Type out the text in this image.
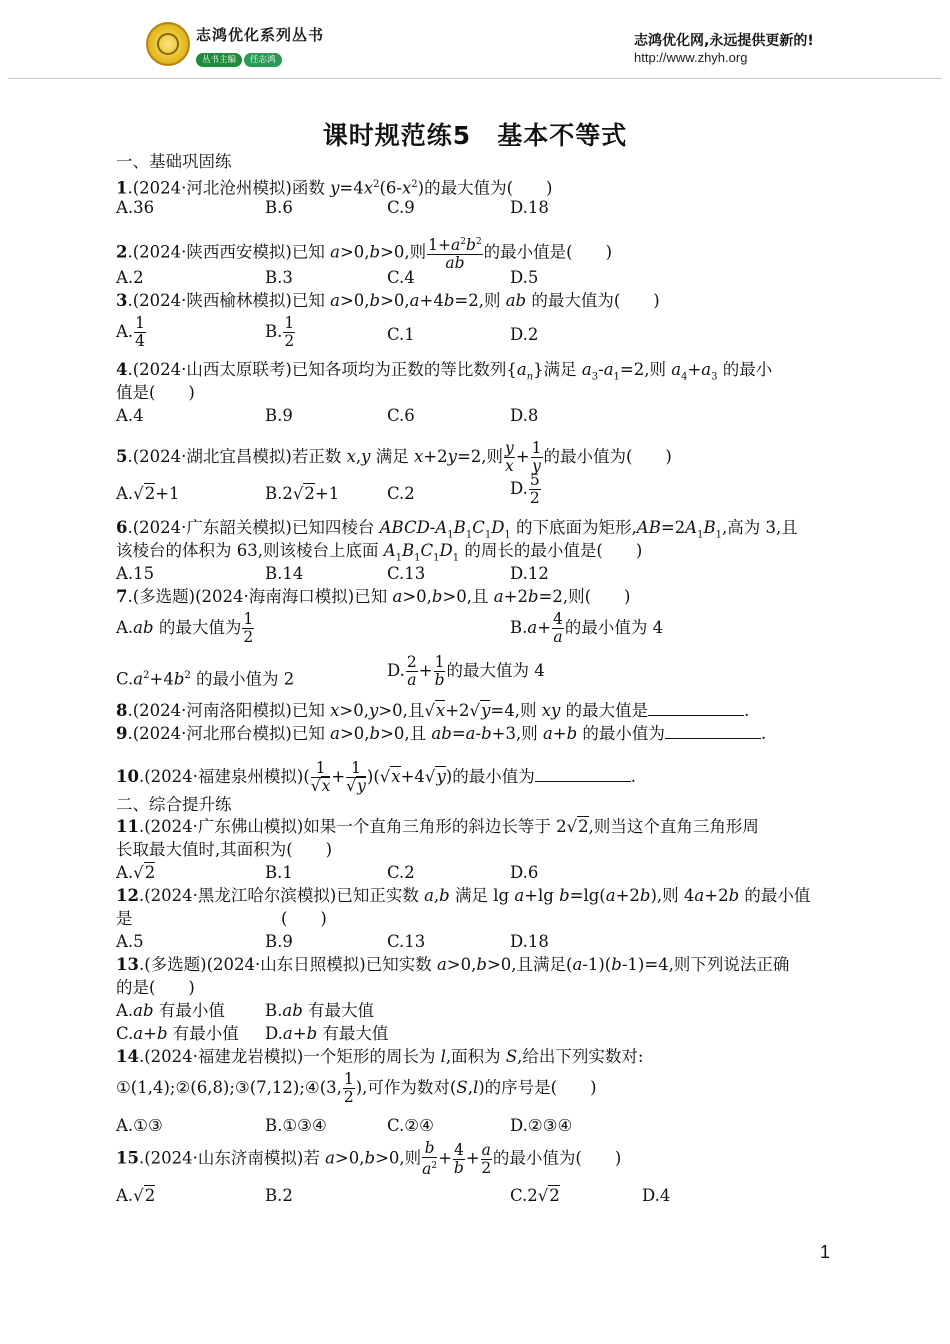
志鸿优化系列丛书
丛书主编 任志鸿
志鸿优化网,永远提供更新的!
http://www.zhyh.org
课时规范练5　基本不等式
一、基础巩固练
1.(2024·河北沧州模拟)函数 $y=4x^2(6-x^2)$的最大值为(　　)
A.36	B.6	C.9	D.18
2.(2024·陕西西安模拟)已知 a>0,b>0,则 $\frac{1+a^2b^2}{ab}$ 的最小值是(　　)
A.2	B.3	C.4	D.5
3.(2024·陕西榆林模拟)已知 a>0,b>0,a+4b=2,则 ab 的最大值为(　　)
A. $\frac{1}{4}$	B. $\frac{1}{2}$	C.1	D.2
4.(2024·山西太原联考)已知各项均为正数的等比数列$\{a_n\}$满足 $a_3-a_1=2$,则 $a_4+a_3$ 的最小
值是(　　)
A.4	B.9	C.6	D.8
5.(2024·湖北宜昌模拟)若正数 x,y 满足 x+2y=2,则 $\frac{y}{x} + \frac{1}{y}$ 的最小值为(　　)
A.√2+1	B.2√2+1	C.2	D. $\frac{5}{2}$
6.(2024·广东韶关模拟)已知四棱台 ABCD-$A_1B_1C_1D_1$ 的下底面为矩形$,AB=2A_1B_1$,高为 3,且
该棱台的体积为 63,则该棱台上底面 $A_1B_1C_1D_1$ 的周长的最小值是(　　)
A.15	B.14	C.13	D.12
7.(多选题)(2024·海南海口模拟)已知 a>0,b>0,且 a+2b=2,则(　　)
A.ab 的最大值为 $\frac{1}{2}$	$B.a+ \frac{4}{a}$ 的最小值为 4
$C.a^2+4b^2$ 的最小值为 2	D. $\frac{2}{a} + \frac{1}{b}$ 的最大值为 4
8.(2024·河南洛阳模拟)已知 x>0,y>0,且√x+2√y=4,则 xy 的最大值是	.
9.(2024·河北邢台模拟)已知 a>0,b>0,且 ab=a-b+3,则 a+b 的最小值为	.
10.(2024·福建泉州模拟)( $\frac{1}{√x} + \frac{1}{√y} )(√x+4√y)$的最小值为	.
二、综合提升练
11.(2024·广东佛山模拟)如果一个直角三角形的斜边长等于 2√2,则当这个直角三角形周
长取最大值时,其面积为(　　)
A.√2	B.1	C.2	D.6
12.(2024·黑龙江哈尔滨模拟)已知正实数 a,b 满足 lg a+lg b=lg(a+2b),则 4a+2b 的最小值
是　　　　　　　　　(　　)
A.5	B.9	C.13	D.18
13.(多选题)(2024·山东日照模拟)已知实数 a>0,b>0,且满足(a-1)(b-1)=4,则下列说法正确
的是(　　)
A.ab 有最小值 B.ab 有最大值
C.a+b 有最小值 D.a+b 有最大值
14.(2024·福建龙岩模拟)一个矩形的周长为 l,面积为 S,给出下列实数对:
①(1,4);②(6,8);③(7,12);④(3, $\frac{1}{2}$ ),可作为数对(S,l)的序号是(　　)
A.①③	B.①③④	C.②④	D.②③④
15.(2024·山东济南模拟)若 a>0,b>0,则 $\frac{b}{a^2} + \frac{4}{b} + \frac{a}{2}$ 的最小值为(　　)
A.√2	B.2	C.2√2	D.4
1
